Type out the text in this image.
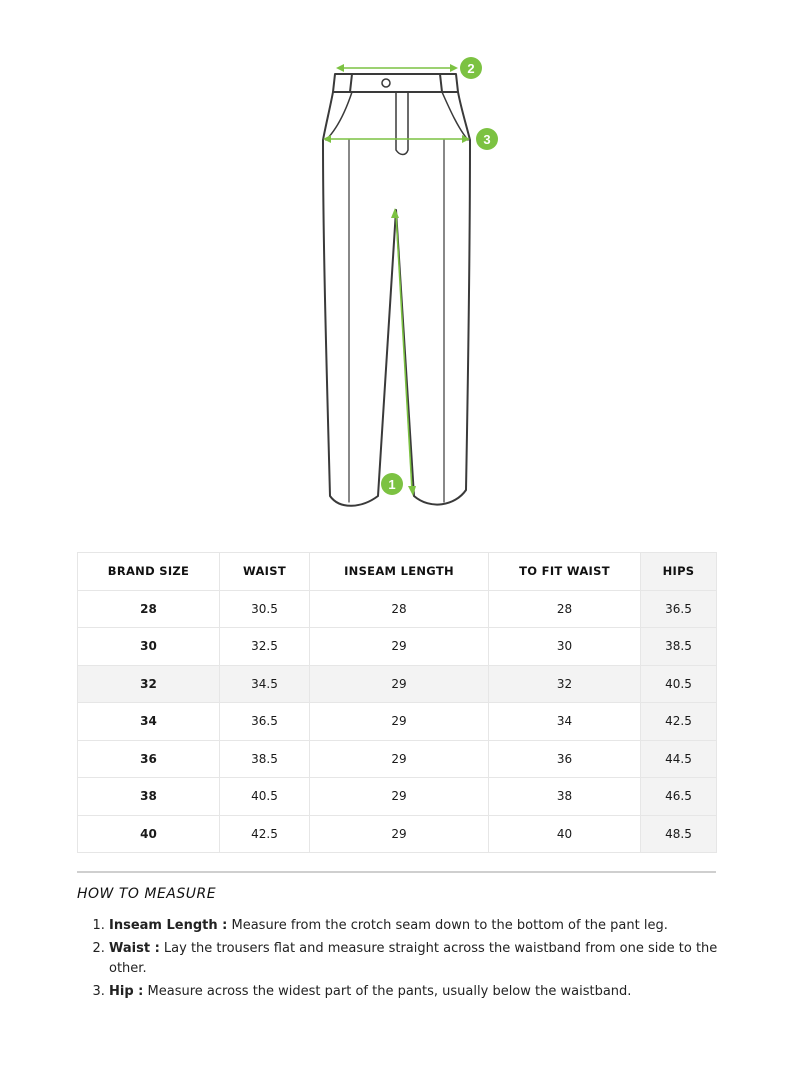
2
3
1
BRAND SIZE	WAIST	INSEAM LENGTH	TO FIT WAIST	HIPS
28	30.5	28	28	36.5
30	32.5	29	30	38.5
32	34.5	29	32	40.5
34	36.5	29	34	42.5
36	38.5	29	36	44.5
38	40.5	29	38	46.5
40	42.5	29	40	48.5
HOW TO MEASURE
1. Inseam Length : Measure from the crotch seam down to the bottom of the pant leg.
2. Waist : Lay the trousers flat and measure straight across the waistband from one side to the other.
3. Hip : Measure across the widest part of the pants, usually below the waistband.
